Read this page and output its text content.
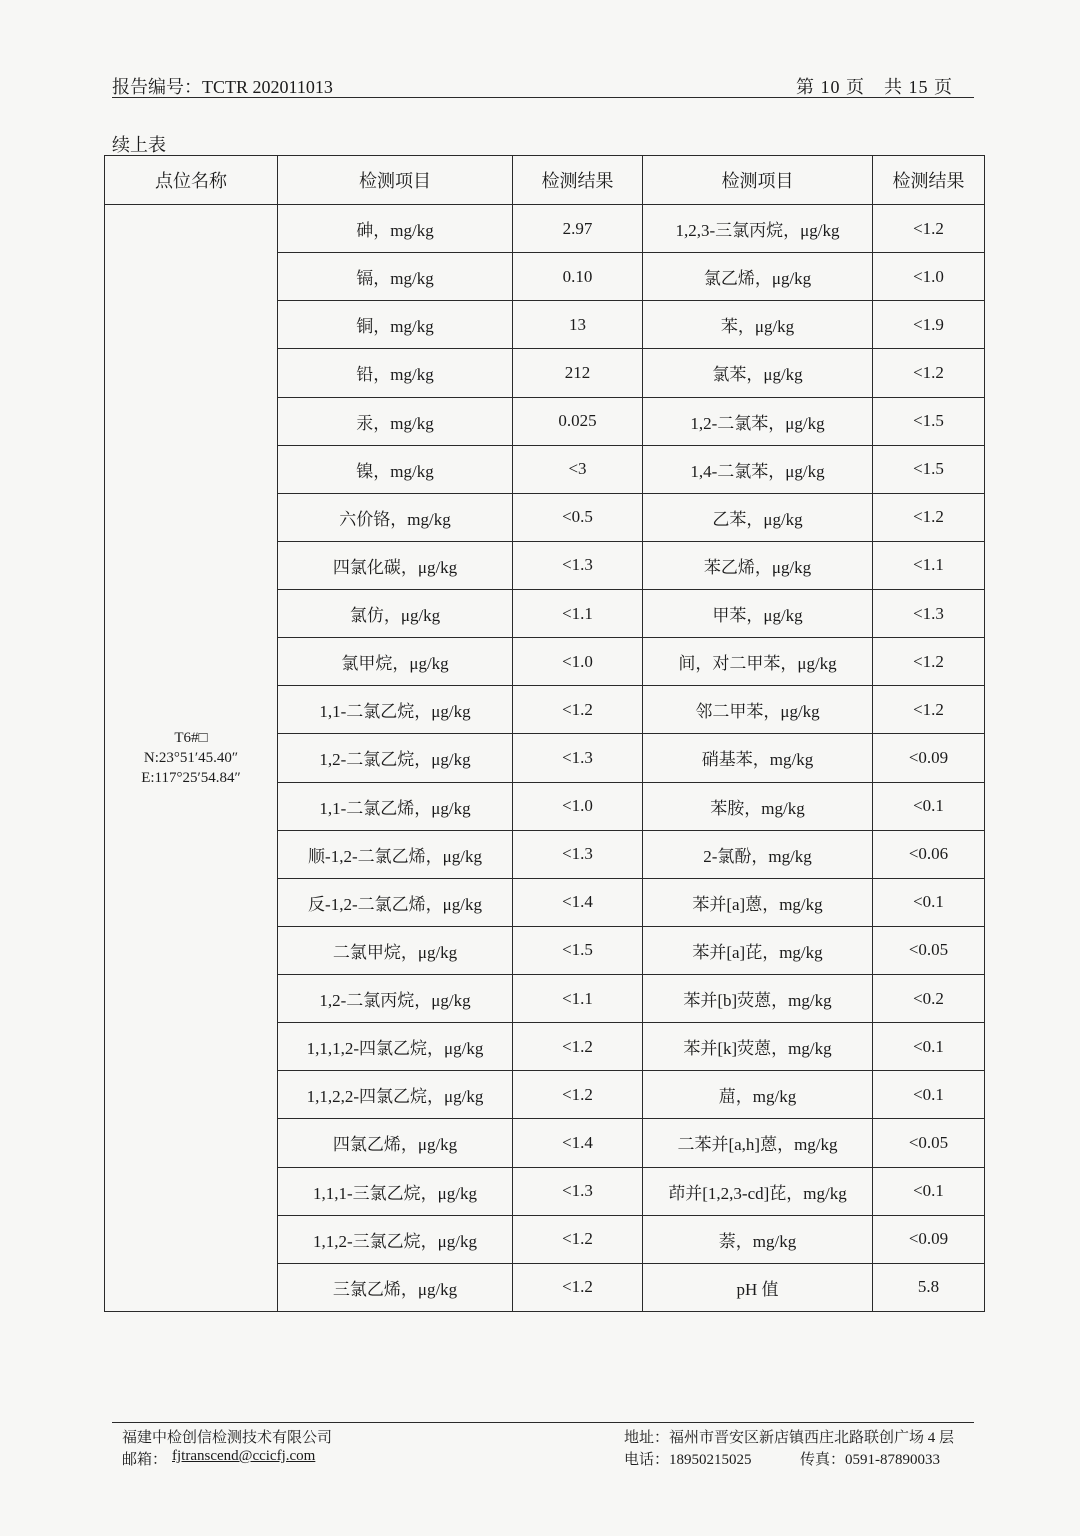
报告编号：TCTR 202011013	第 10 页　共 15 页
续上表
点位名称	检测项目	检测结果	检测项目	检测结果

T6#□
N:23°51′45.40″
E:117°25′54.84″	砷，mg/kg	2.97	1,2,3-三氯丙烷，μg/kg	<1.2
	镉，mg/kg	0.10	氯乙烯，μg/kg	<1.0
	铜，mg/kg	13	苯，μg/kg	<1.9
	铅，mg/kg	212	氯苯，μg/kg	<1.2
	汞，mg/kg	0.025	1,2-二氯苯，μg/kg	<1.5
	镍，mg/kg	<3	1,4-二氯苯，μg/kg	<1.5
	六价铬，mg/kg	<0.5	乙苯，μg/kg	<1.2
	四氯化碳，μg/kg	<1.3	苯乙烯，μg/kg	<1.1
	氯仿，μg/kg	<1.1	甲苯，μg/kg	<1.3
	氯甲烷，μg/kg	<1.0	间，对二甲苯，μg/kg	<1.2
	1,1-二氯乙烷，μg/kg	<1.2	邻二甲苯，μg/kg	<1.2
	1,2-二氯乙烷，μg/kg	<1.3	硝基苯，mg/kg	<0.09
	1,1-二氯乙烯，μg/kg	<1.0	苯胺，mg/kg	<0.1
	顺-1,2-二氯乙烯，μg/kg	<1.3	2-氯酚，mg/kg	<0.06
	反-1,2-二氯乙烯，μg/kg	<1.4	苯并[a]蒽，mg/kg	<0.1
	二氯甲烷，μg/kg	<1.5	苯并[a]芘，mg/kg	<0.05
	1,2-二氯丙烷，μg/kg	<1.1	苯并[b]荧蒽，mg/kg	<0.2
	1,1,1,2-四氯乙烷，μg/kg	<1.2	苯并[k]荧蒽，mg/kg	<0.1
	1,1,2,2-四氯乙烷，μg/kg	<1.2	䓛，mg/kg	<0.1
	四氯乙烯，μg/kg	<1.4	二苯并[a,h]蒽，mg/kg	<0.05
	1,1,1-三氯乙烷，μg/kg	<1.3	茚并[1,2,3-cd]芘，mg/kg	<0.1
	1,1,2-三氯乙烷，μg/kg	<1.2	萘，mg/kg	<0.09
	三氯乙烯，μg/kg	<1.2	pH 值	5.8
福建中检创信检测技术有限公司
邮箱： fjtranscend@ccicfj.com
地址：福州市晋安区新店镇西庄北路联创广场 4 层
电话：18950215025	传真：0591-87890033
